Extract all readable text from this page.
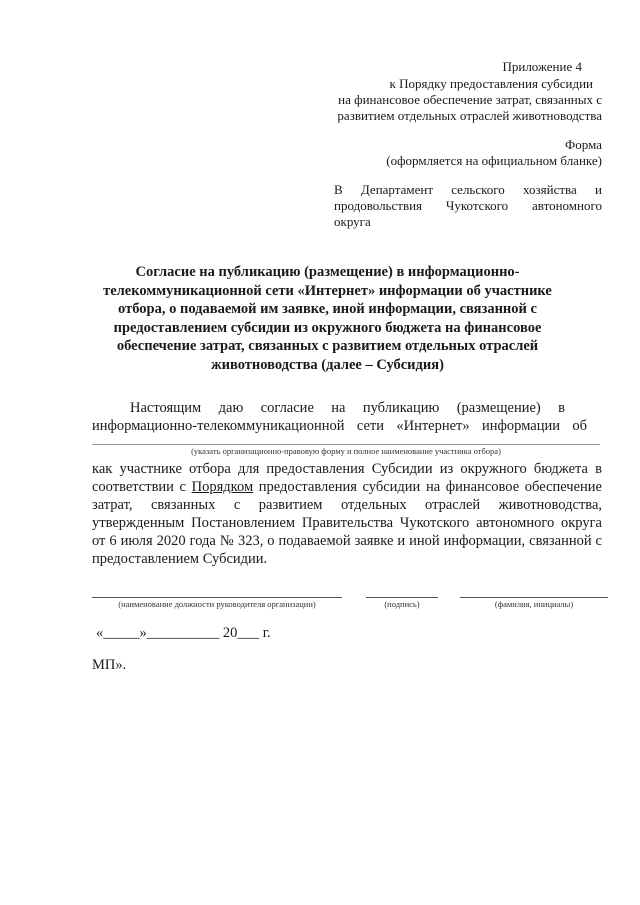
Приложение 4
к Порядку предоставления субсидии
на финансовое обеспечение затрат, связанных с
развитием отдельных отраслей животноводства
Форма
(оформляется на официальном бланке)
В Департамент сельского хозяйства и
продовольствия Чукотского автономного
округа
Согласие на публикацию (размещение) в информационно-телекоммуникационной сети «Интернет» информации об участнике отбора, о подаваемой им заявке, иной информации, связанной с предоставлением субсидии из окружного бюджета на финансовое обеспечение затрат, связанных с развитием отдельных отраслей животноводства (далее – Субсидия)
Настоящим даю согласие на публикацию (размещение) в
информационно-телекоммуникационной сети «Интернет» информации об
(указать организационно-правовую форму и полное наименование участника отбора)
как участнике отбора для предоставления Субсидии из окружного бюджета в соответствии с Порядком предоставления субсидии на финансовое обеспечение затрат, связанных с развитием отдельных отраслей животноводства, утвержденным Постановлением Правительства Чукотского автономного округа от 6 июля 2020 года № 323, о подаваемой заявке и иной информации, связанной с предоставлением Субсидии.
(наименование должности руководителя организации)	(подпись)	(фамилия, инициалы)
«_____»__________ 20___ г.
МП».
